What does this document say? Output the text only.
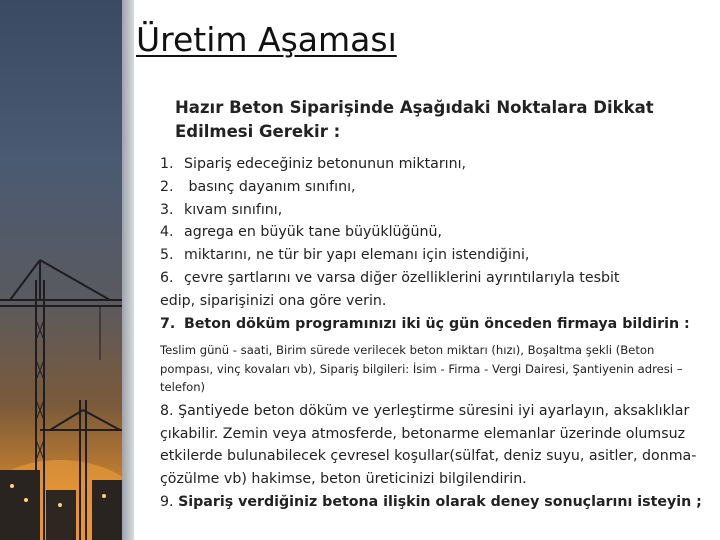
Üretim Aşaması

Hazır Beton Siparişinde Aşağıdaki Noktalara Dikkat Edilmesi Gerekir :

1. Sipariş edeceğiniz betonunun miktarını,

2. basınç dayanım sınıfını,

3. kıvam sınıfını,

4. agrega en büyük tane büyüklüğünü,

5. miktarını, ne tür bir yapı elemanı için istendiğini,

6. çevre şartlarını ve varsa diğer özelliklerini ayrıntılarıyla tesbit

edip, siparişinizi ona göre verin.

7. Beton döküm programınızı iki üç gün önceden firmaya bildirin :

Teslim günü - saati, Birim sürede verilecek beton miktarı (hızı), Boşaltma şekli (Beton pompası, vinç kovaları vb), Sipariş bilgileri: İsim - Firma - Vergi Dairesi, Şantiyenin adresi –telefon)

8. Şantiyede beton döküm ve yerleştirme süresini iyi ayarlayın, aksaklıklar çıkabilir. Zemin veya atmosferde, betonarme elemanlar üzerinde olumsuz etkilerde bulunabilecek çevresel koşullar(sülfat, deniz suyu, asitler, donma-çözülme vb) hakimse, beton üreticinizi bilgilendirin.

9. Sipariş verdiğiniz betona ilişkin olarak deney sonuçlarını isteyin ;
